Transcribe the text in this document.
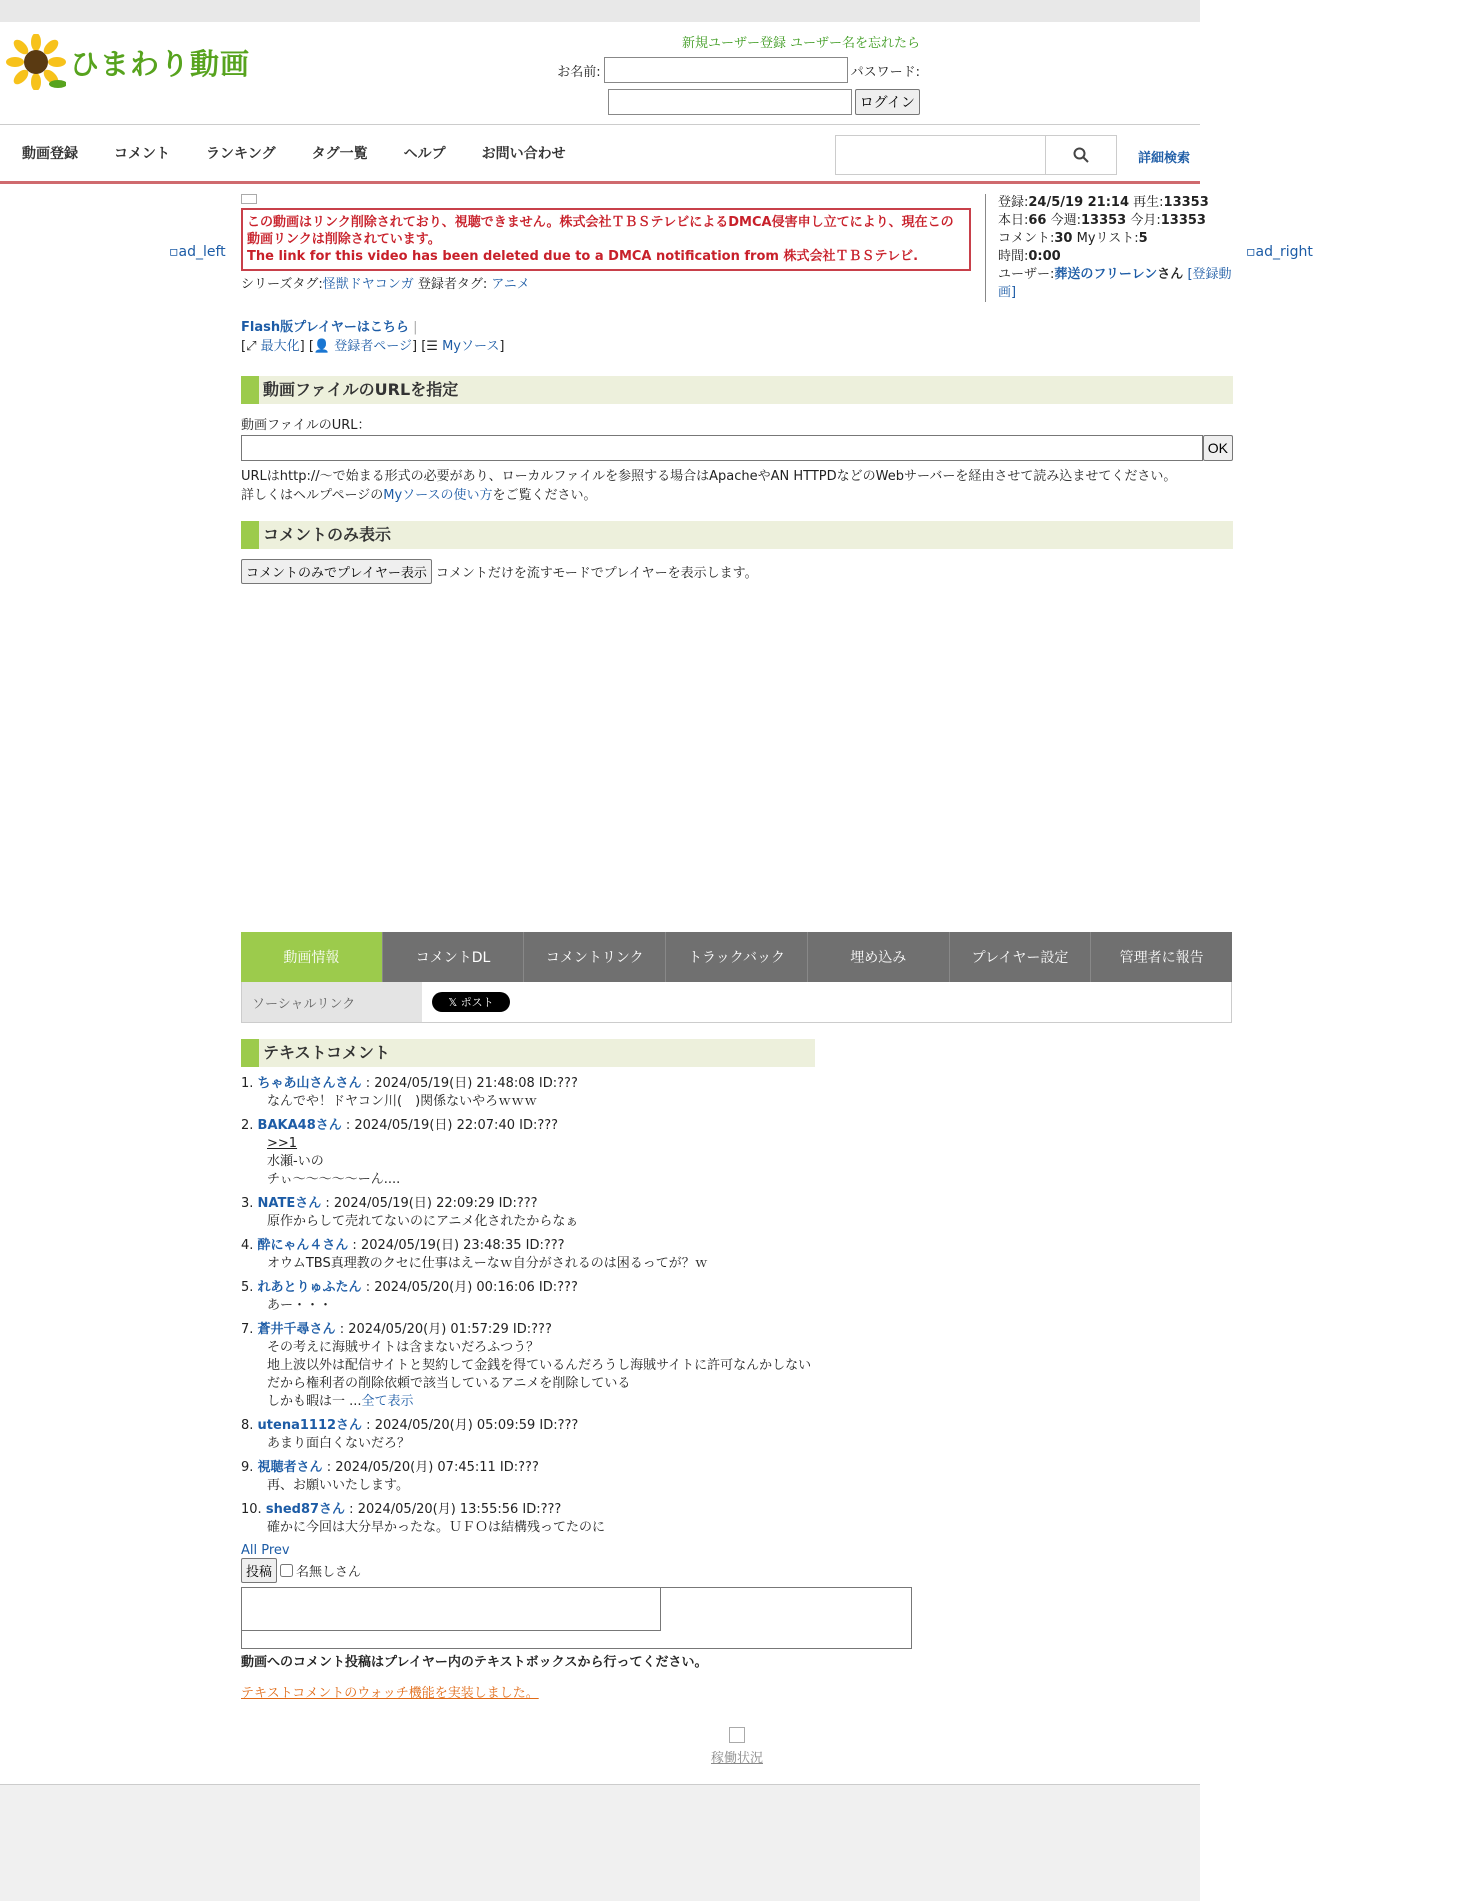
ひまわり動画
新規ユーザー登録 ユーザー名を忘れたら
お名前:	パスワード:
ログイン
動画登録	コメント	ランキング	タグ一覧	ヘルプ	お問い合わせ	詳細検索
▫ad_left	▫ad_right
登録:24/5/19 21:14 再生:13353
本日:66 今週:13353 今月:13353
コメント:30 Myリスト:5
時間:0:00
ユーザー:葬送のフリーレンさん [登録動画]
この動画はリンク削除されており、視聴できません。株式会社ＴＢＳテレビによるDMCA侵害申し立てにより、現在この動画リンクは削除されています。
The link for this video has been deleted due to a DMCA notification from 株式会社ＴＢＳテレビ.
シリーズタグ:怪獣ドヤコンガ 登録者タグ: アニメ
Flash版プレイヤーはこちら |
[⤢ 最大化] [👤 登録者ページ] [☰ Myソース]
動画ファイルのURLを指定
動画ファイルのURL：
OK
URLはhttp://〜で始まる形式の必要があり、ローカルファイルを参照する場合はApacheやAN HTTPDなどのWebサーバーを経由させて読み込ませてください。
詳しくはヘルプページのMyソースの使い方をご覧ください。
コメントのみ表示
コメントのみでプレイヤー表示 コメントだけを流すモードでプレイヤーを表示します。
動画情報	コメントDL	コメントリンク	トラックバック	埋め込み	プレイヤー設定	管理者に報告
ソーシャルリンク	𝕏 ポスト
テキストコメント
1. ちゃあ山さんさん : 2024/05/19(日) 21:48:08 ID:???
なんでや！ドヤコン川(　)関係ないやろｗｗｗ
2. BAKA48さん : 2024/05/19(日) 22:07:40 ID:???
>>1
水瀬-いの
チぃ〜〜〜〜〜ーん....
3. NATEさん : 2024/05/19(日) 22:09:29 ID:???
原作からして売れてないのにアニメ化されたからなぁ
4. 酔にゃん４さん : 2024/05/19(日) 23:48:35 ID:???
オウムTBS真理教のクセに仕事はえーなｗ自分がされるのは困るってが？ｗ
5. れあとりゅふたん : 2024/05/20(月) 00:16:06 ID:???
あー・・・
7. 蒼井千尋さん : 2024/05/20(月) 01:57:29 ID:???
その考えに海賊サイトは含まないだろふつう？
地上波以外は配信サイトと契約して金銭を得ているんだろうし海賊サイトに許可なんかしない
だから権利者の削除依頼で該当しているアニメを削除している
しかも暇は一 ...全て表示
8. utena1112さん : 2024/05/20(月) 05:09:59 ID:???
あまり面白くないだろ？
9. 視聴者さん : 2024/05/20(月) 07:45:11 ID:???
再、お願いいたします。
10. shed87さん : 2024/05/20(月) 13:55:56 ID:???
確かに今回は大分早かったな。ＵＦＯは結構残ってたのに
All Prev
投稿	名無しさん
動画へのコメント投稿はプレイヤー内のテキストボックスから行ってください。
テキストコメントのウォッチ機能を実装しました。

稼働状況
